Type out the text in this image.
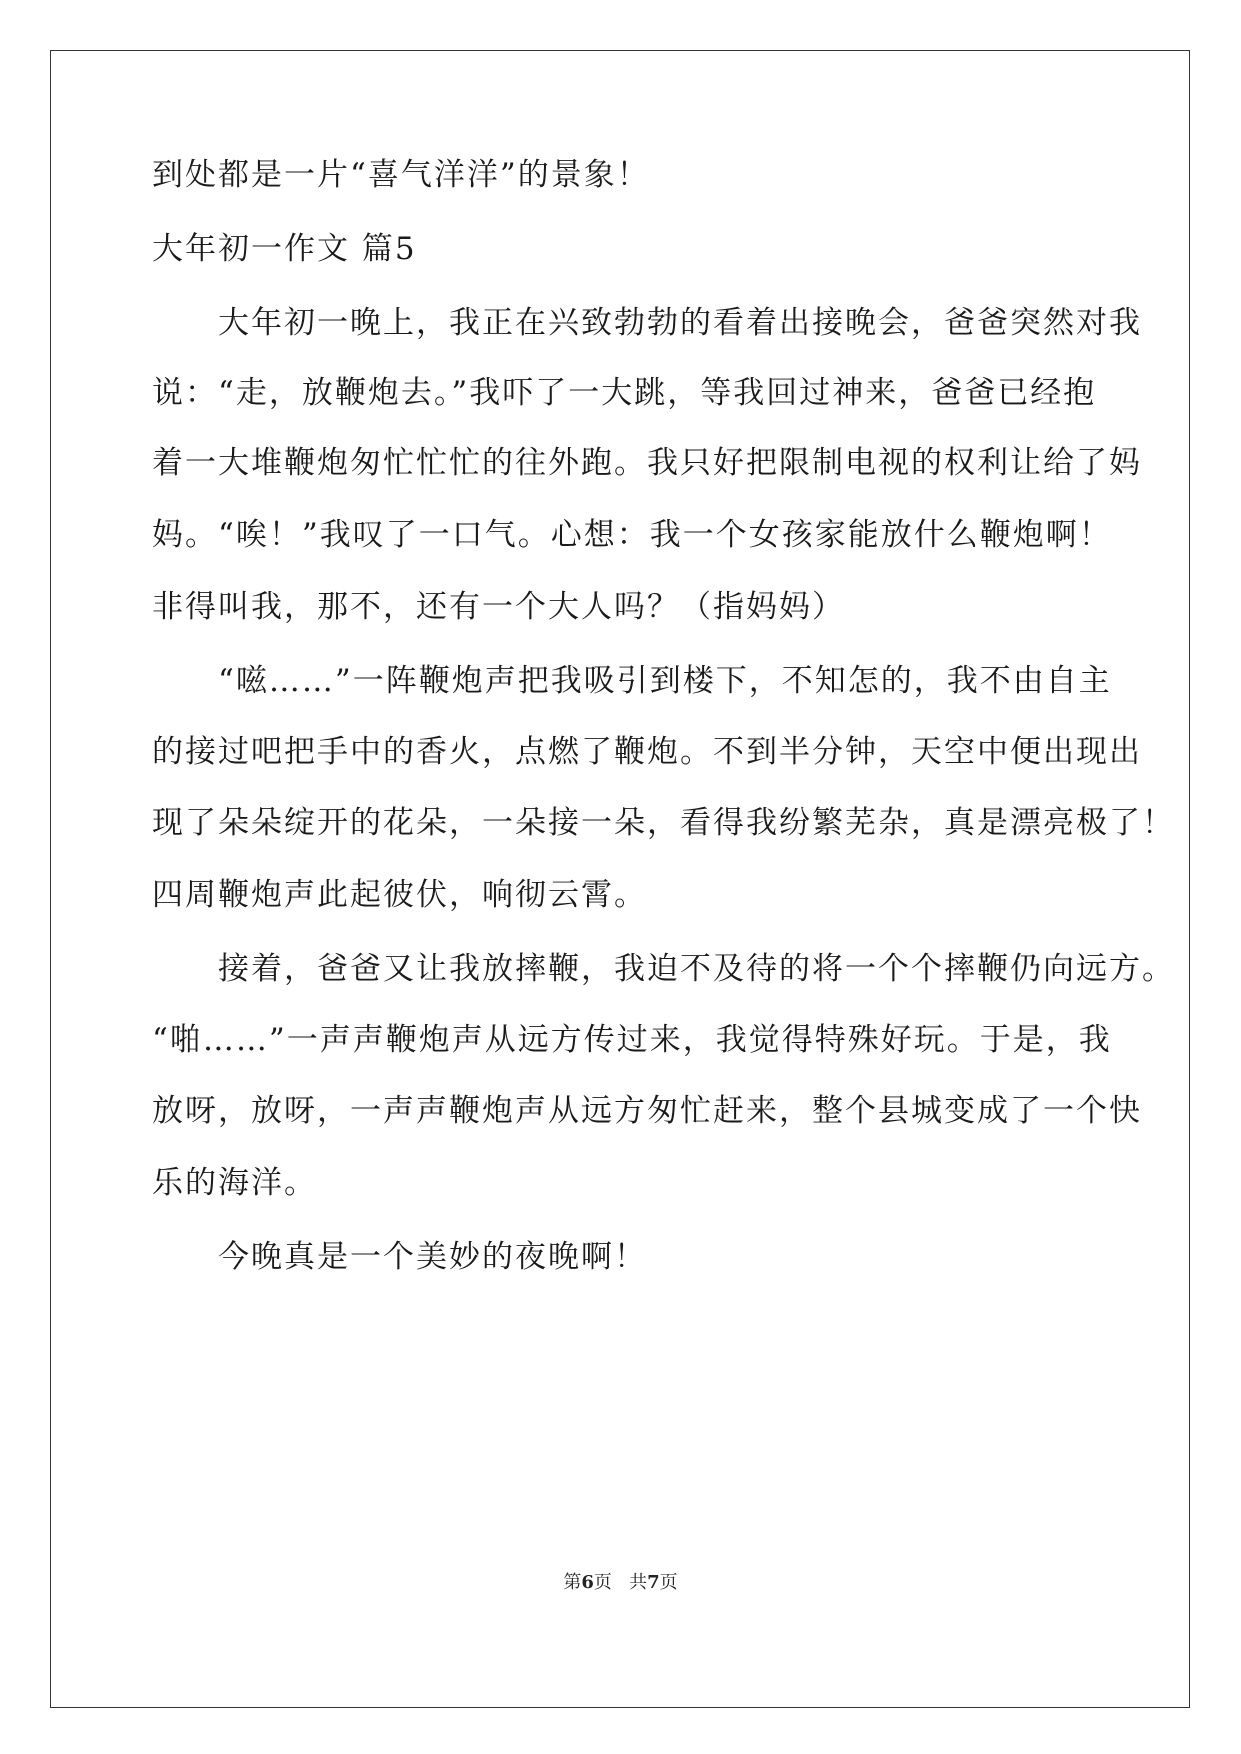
到处都是一片“喜气洋洋”的景象！
大年初一作文 篇5
　　大年初一晚上，我正在兴致勃勃的看着出接晚会，爸爸突然对我
说：“走，放鞭炮去。”我吓了一大跳，等我回过神来，爸爸已经抱
着一大堆鞭炮匆忙忙忙的往外跑。我只好把限制电视的权利让给了妈
妈。“唉！”我叹了一口气。心想：我一个女孩家能放什么鞭炮啊！
非得叫我，那不，还有一个大人吗？（指妈妈）
　　“嗞……”一阵鞭炮声把我吸引到楼下，不知怎的，我不由自主
的接过吧把手中的香火，点燃了鞭炮。不到半分钟，天空中便出现出
现了朵朵绽开的花朵，一朵接一朵，看得我纷繁芜杂，真是漂亮极了！
四周鞭炮声此起彼伏，响彻云霄。
　　接着，爸爸又让我放摔鞭，我迫不及待的将一个个摔鞭仍向远方。
“啪……”一声声鞭炮声从远方传过来，我觉得特殊好玩。于是，我
放呀，放呀，一声声鞭炮声从远方匆忙赶来，整个县城变成了一个快
乐的海洋。
　　今晚真是一个美妙的夜晚啊！
第6页 共7页
